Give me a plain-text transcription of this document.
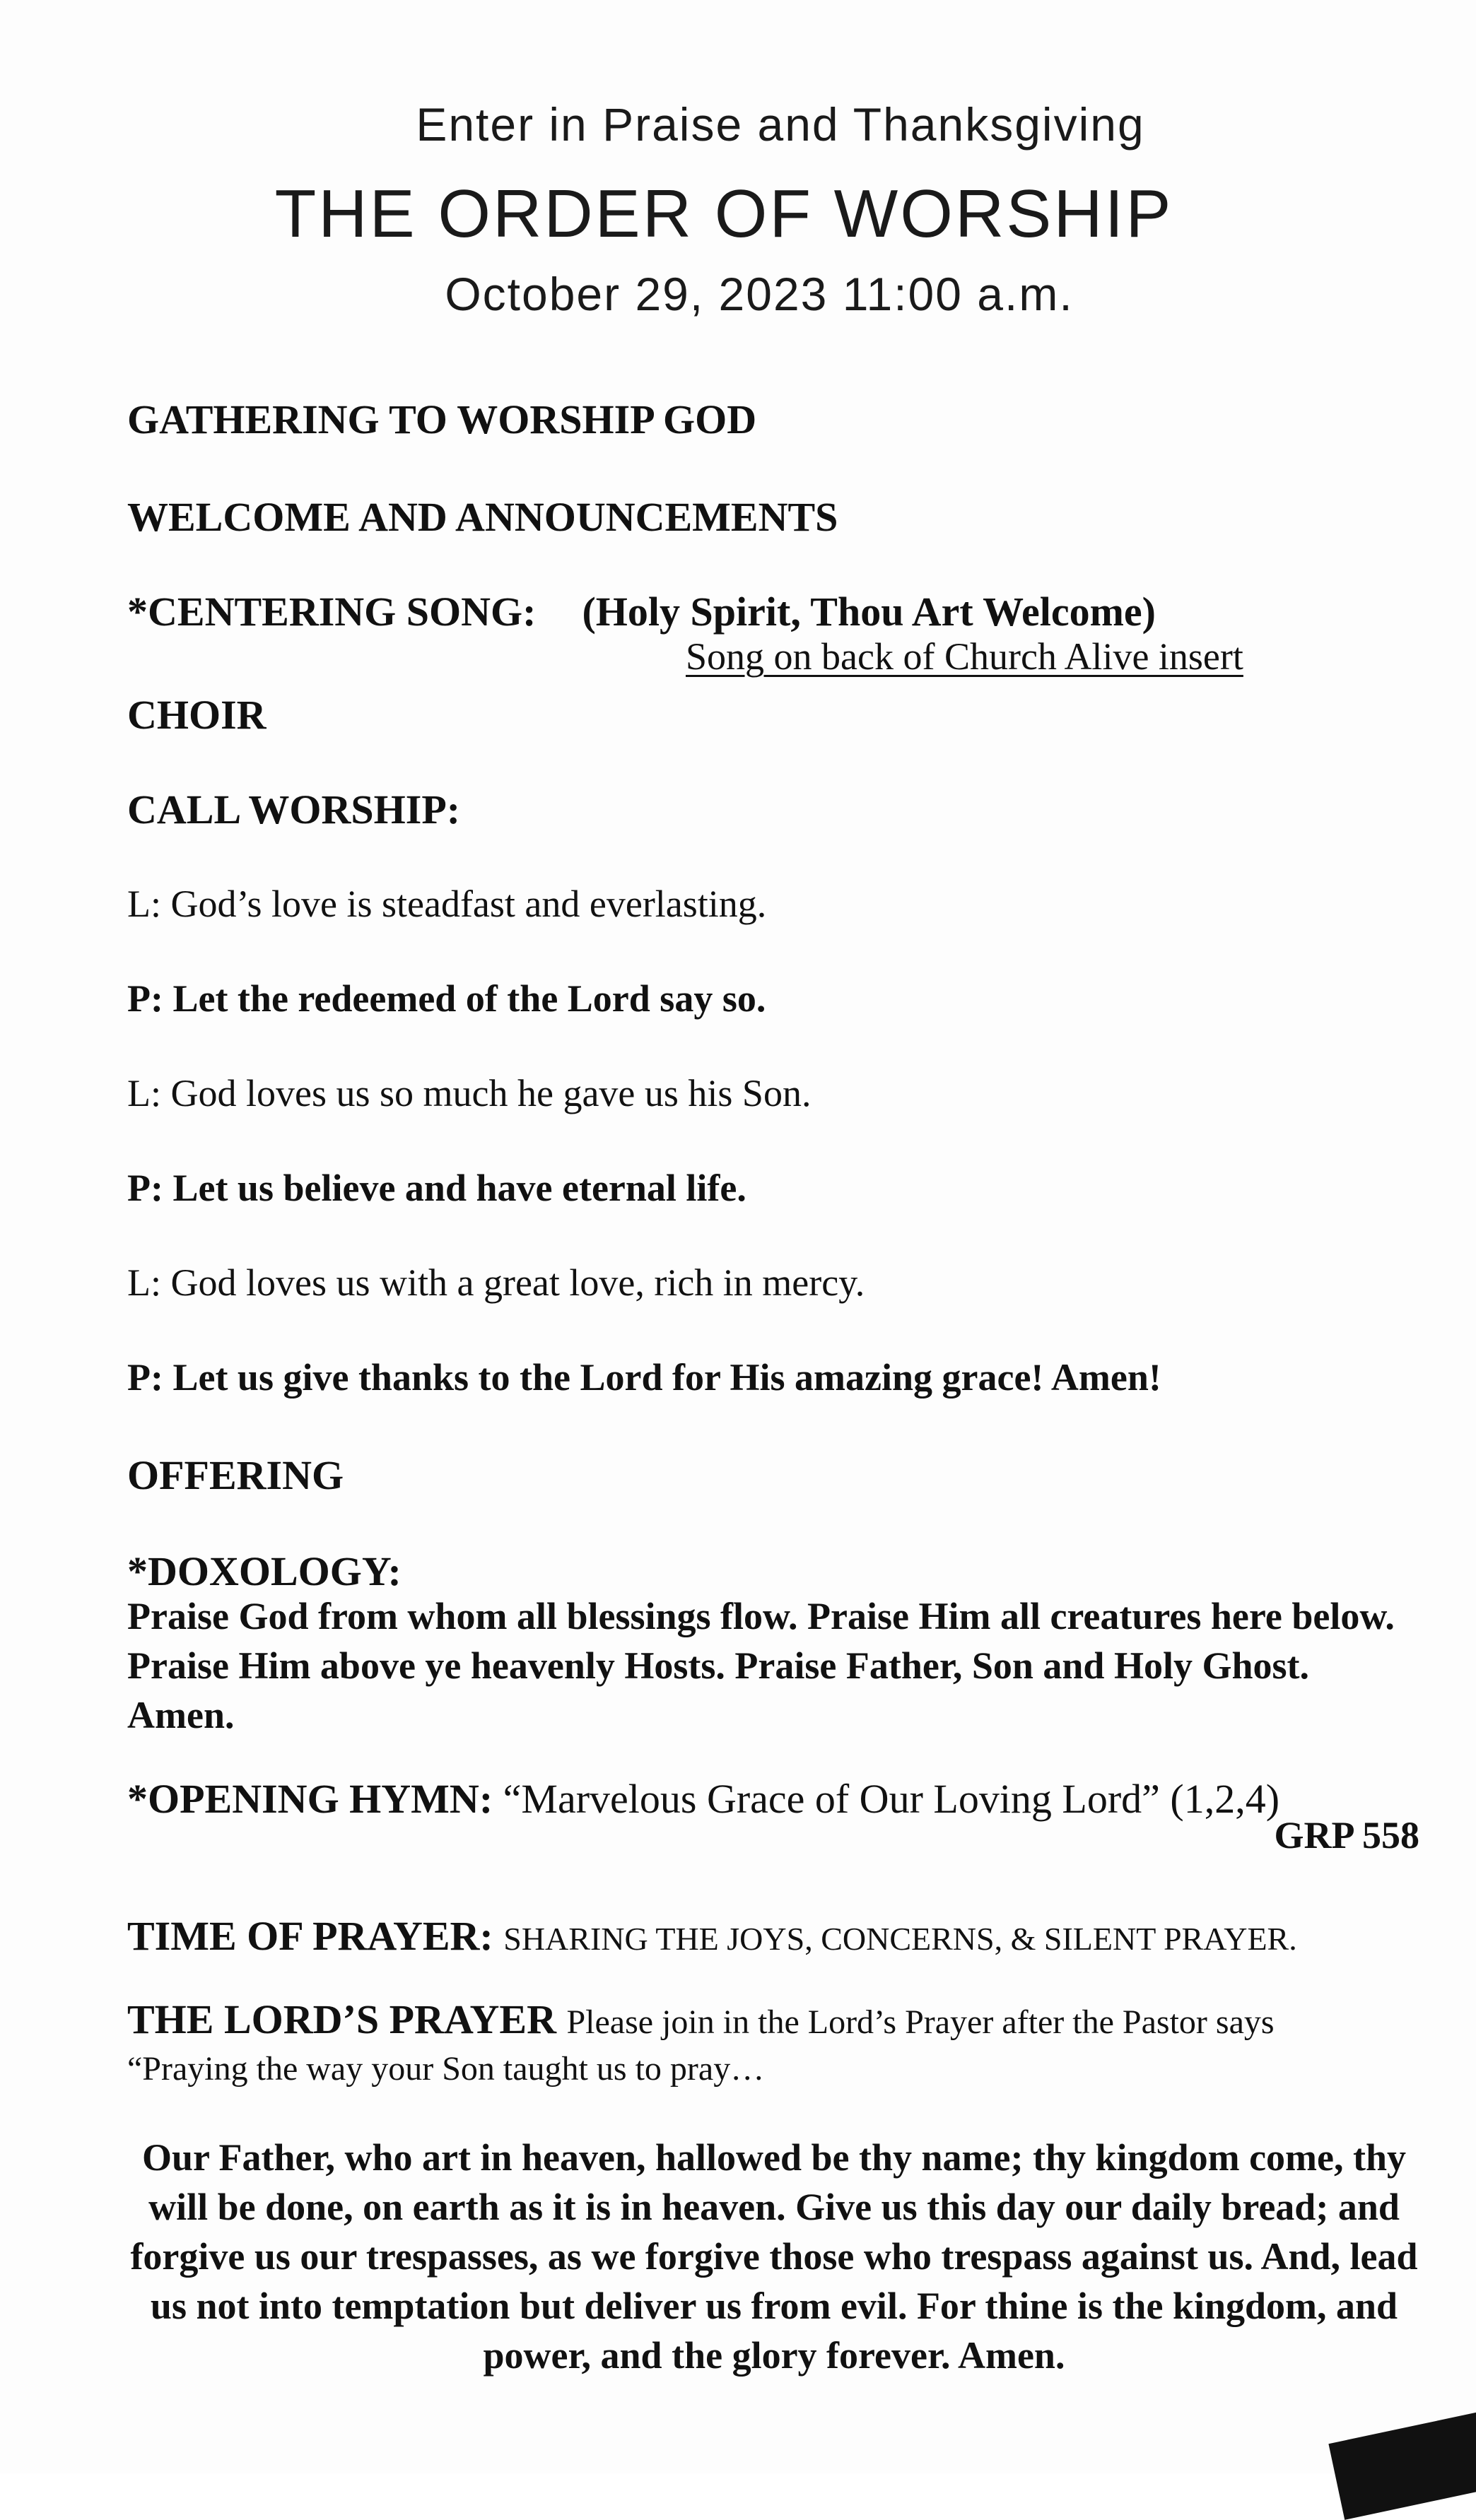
Enter in Praise and Thanksgiving
THE ORDER OF WORSHIP
October 29, 2023 11:00 a.m.
GATHERING TO WORSHIP GOD
WELCOME AND ANNOUNCEMENTS
*CENTERING SONG: (Holy Spirit, Thou Art Welcome)
Song on back of Church Alive insert
CHOIR
CALL WORSHIP:
L: God’s love is steadfast and everlasting.
P: Let the redeemed of the Lord say so.
L: God loves us so much he gave us his Son.
P: Let us believe and have eternal life.
L: God loves us with a great love, rich in mercy.
P: Let us give thanks to the Lord for His amazing grace! Amen!
OFFERING
*DOXOLOGY:
Praise God from whom all blessings flow. Praise Him all creatures here below. Praise Him above ye heavenly Hosts. Praise Father, Son and Holy Ghost. Amen.
*OPENING HYMN: “Marvelous Grace of Our Loving Lord” (1,2,4)
GRP 558
TIME OF PRAYER: SHARING THE JOYS, CONCERNS, & SILENT PRAYER.
THE LORD’S PRAYER Please join in the Lord’s Prayer after the Pastor says
“Praying the way your Son taught us to pray…
Our Father, who art in heaven, hallowed be thy name; thy kingdom come, thy will be done, on earth as it is in heaven. Give us this day our daily bread; and forgive us our trespasses, as we forgive those who trespass against us. And, lead us not into temptation but deliver us from evil. For thine is the kingdom, and power, and the glory forever. Amen.
